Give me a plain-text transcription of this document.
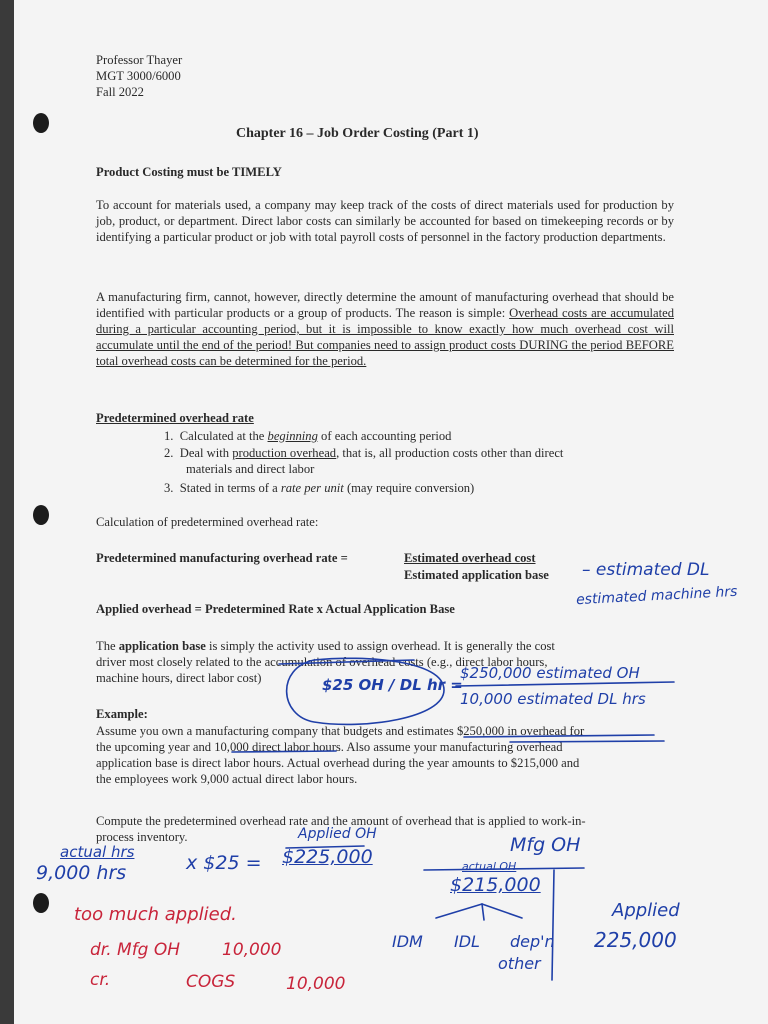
Professor Thayer
MGT 3000/6000
Fall 2022
Chapter 16 – Job Order Costing (Part 1)
Product Costing must be TIMELY
To account for materials used, a company may keep track of the costs of direct materials used for production by job, product, or department. Direct labor costs can similarly be accounted for based on timekeeping records or by identifying a particular product or job with total payroll costs of personnel in the factory production departments.
A manufacturing firm, cannot, however, directly determine the amount of manufacturing overhead that should be identified with particular products or a group of products. The reason is simple: Overhead costs are accumulated during a particular accounting period, but it is impossible to know exactly how much overhead cost will accumulate until the end of the period! But companies need to assign product costs DURING the period BEFORE total overhead costs can be determined for the period.
Predetermined overhead rate
1. Calculated at the beginning of each accounting period
2. Deal with production overhead, that is, all production costs other than direct
materials and direct labor
3. Stated in terms of a rate per unit (may require conversion)
Calculation of predetermined overhead rate:
Predetermined manufacturing overhead rate =	Estimated overhead cost
Estimated application base
Applied overhead = Predetermined Rate x Actual Application Base
The application base is simply the activity used to assign overhead. It is generally the cost
driver most closely related to the accumulation of overhead costs (e.g., direct labor hours,
machine hours, direct labor cost)
Example:
Assume you own a manufacturing company that budgets and estimates $250,000 in overhead for
the upcoming year and 10,000 direct labor hours. Also assume your manufacturing overhead
application base is direct labor hours. Actual overhead during the year amounts to $215,000 and
the employees work 9,000 actual direct labor hours.
Compute the predetermined overhead rate and the amount of overhead that is applied to work-in-
process inventory.
– estimated DL
estimated machine hrs
$25 OH / DL hr =
$250,000 estimated OH
10,000 estimated DL hrs
Applied OH
actual hrs
9,000 hrs	x $25 = $225,000
Mfg OH
actual OH
$215,000
IDM IDL dep'n
other
Applied
225,000
too much applied.
dr. Mfg OH 10,000
cr.	COGS	10,000
